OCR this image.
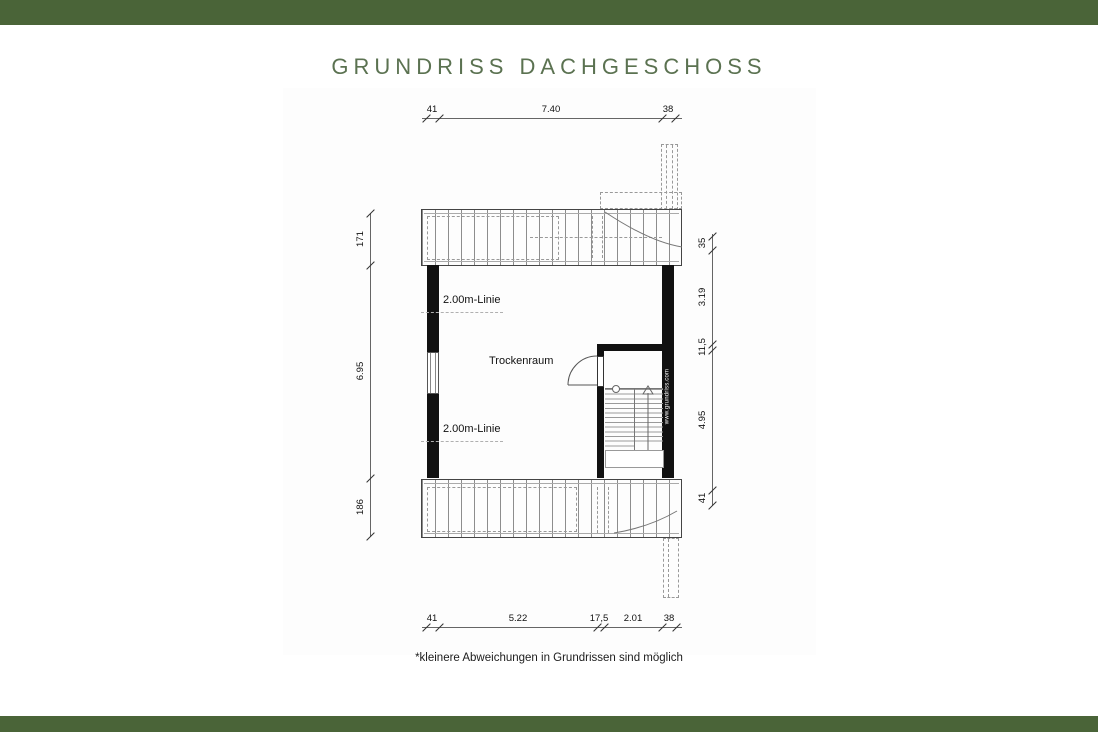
GRUNDRISS DACHGESCHOSS
*kleinere Abweichungen in Grundrissen sind möglich
41	7.40	38
41	5.22	17,5	2.01	38
171
6.95
186
35
3.19
11,5
4.95
41
www.grundriss.com
Trockenraum
2.00m-Linie
2.00m-Linie
